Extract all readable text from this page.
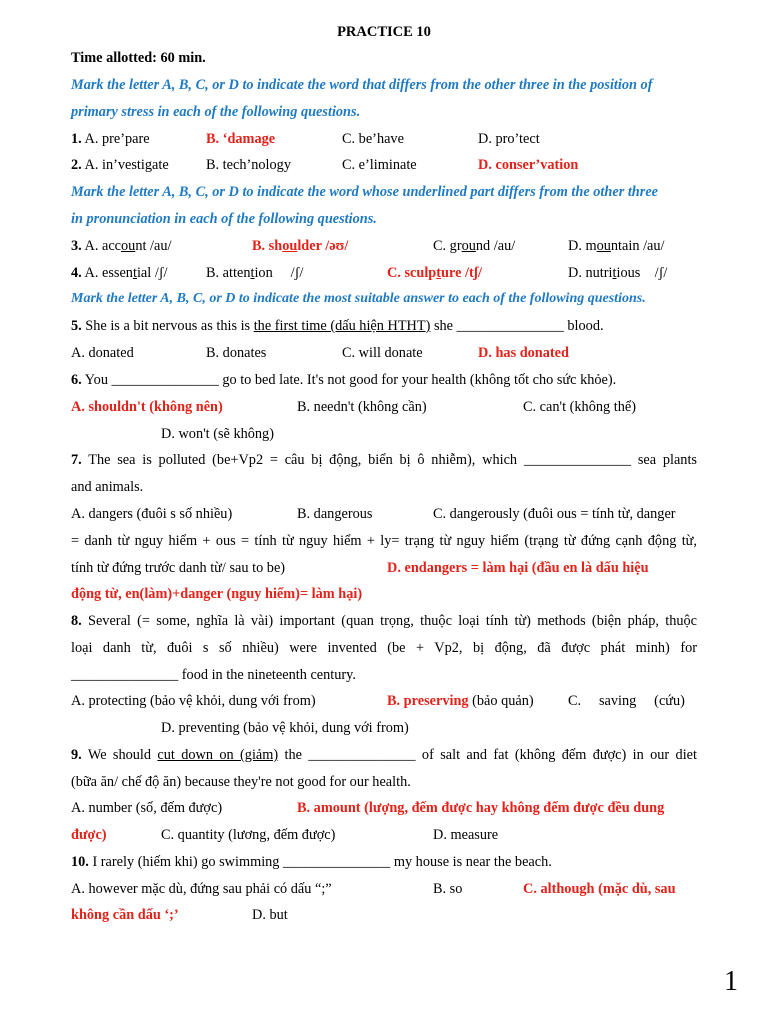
PRACTICE 10
Time allotted: 60 min.
Mark the letter A, B, C, or D to indicate the word that differs from the other three in the position of
primary stress in each of the following questions.
1. A. pre’pare	B. ‘damage	C. be’have	D. pro’tect
2. A. in’vestigate	B. tech’nology	C. e’liminate	D. conser’vation
Mark the letter A, B, C, or D to indicate the word whose underlined part differs from the other three
in pronunciation in each of the following questions.
3. A. account /au/	B. shoulder /əʊ/	C. ground /au/	D. mountain /au/
4. A. essential /ʃ/	B. attention     /ʃ/	C. sculpture /tʃ/	D. nutritious    /ʃ/
Mark the letter A, B, C, or D to indicate the most suitable answer to each of the following questions.
5. She is a bit nervous as this is the first time (dấu hiện HTHT) she _______________ blood.
A. donated	B. donates	C. will donate	D. has donated
6. You _______________ go to bed late. It's not good for your health (không tốt cho sức khỏe).
A. shouldn't (không nên)	B. needn't (không cần)	C. can't (không thể)
D. won't (sẽ không)
7. The sea is polluted (be+Vp2 = câu bị động, biển bị ô nhiễm), which _______________ sea plants
and animals.
A. dangers (đuôi s số nhiều)	B. dangerous	C. dangerously (đuôi ous = tính từ, danger
= danh từ nguy hiểm + ous = tính từ nguy hiểm + ly= trạng từ nguy hiểm (trạng từ đứng cạnh động từ,
tính từ đứng trước danh từ/ sau to be)	D. endangers = làm hại (đầu en là dấu hiệu
động từ, en(làm)+danger (nguy hiểm)= làm hại)
8. Several (= some, nghĩa là vài) important (quan trọng, thuộc loại tính từ) methods (biện pháp, thuộc
loại danh từ, đuôi s số nhiều) were invented (be + Vp2, bị động, đã được phát minh) for
_______________ food in the nineteenth century.
A. protecting (bảo vệ khỏi, dung với from)	B. preserving (bảo quản) C.     saving     (cứu)
D. preventing (bảo vệ khỏi, dung với from)
9. We should cut down on (giảm) the _______________ of salt and fat (không đếm được) in our diet
(bữa ăn/ chế độ ăn) because they're not good for our health.
A. number (số, đếm được)	B. amount (lượng, đếm được hay không đếm được đều dung
được)	C. quantity (lương, đếm được)	D. measure
10. I rarely (hiếm khi) go swimming _______________ my house is near the beach.
A. however mặc dù, đứng sau phải có dấu “;”	B. so	C. although (mặc dù, sau
không cần dấu ‘;’	D. but
1
